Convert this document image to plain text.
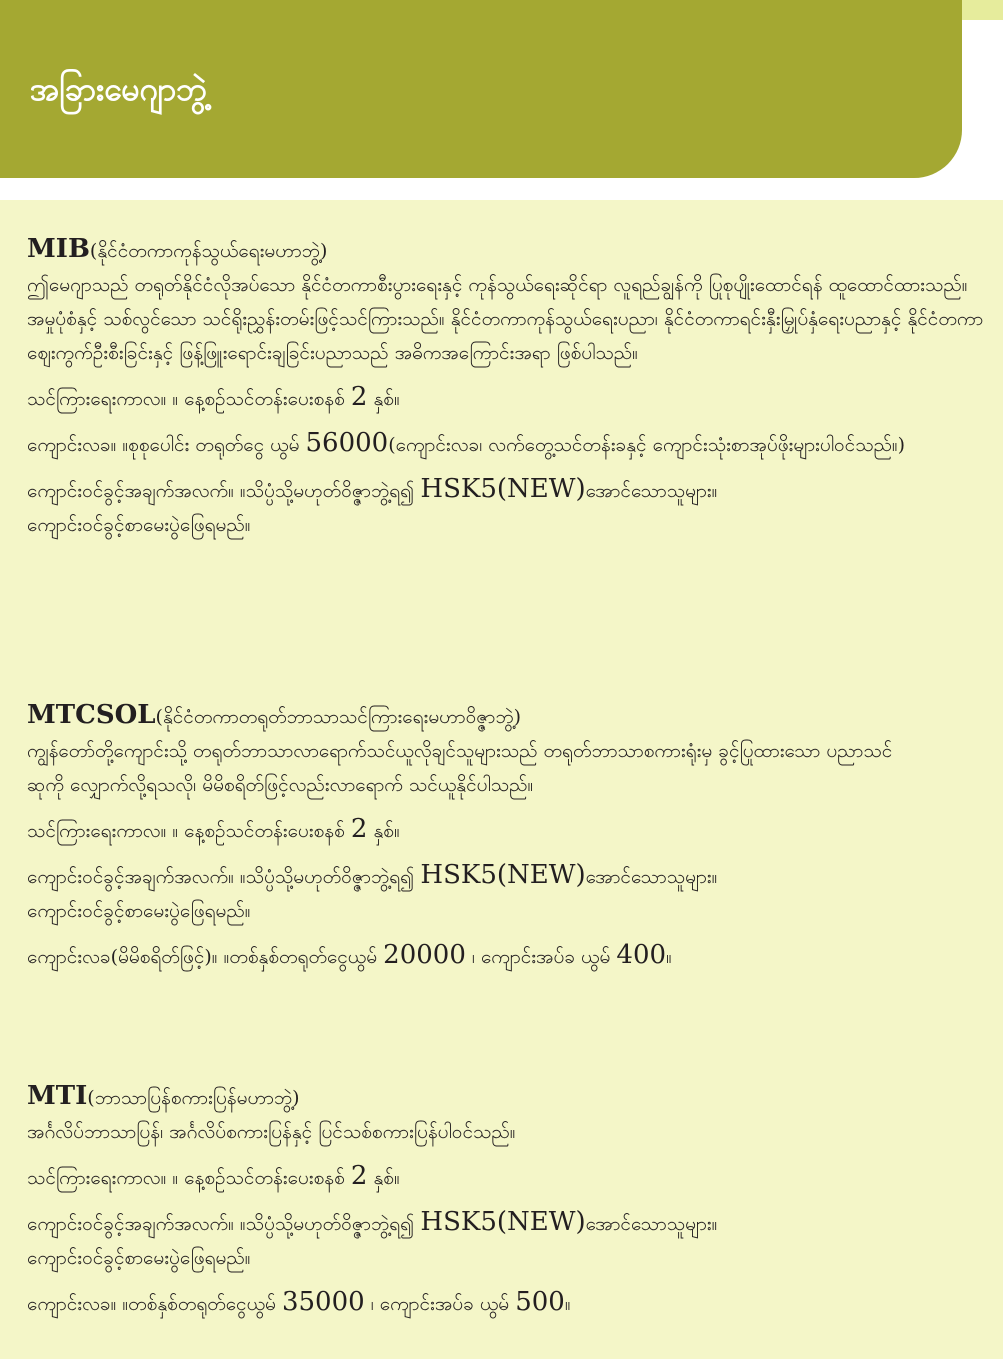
အခြားမေဂျာဘွဲ့
MIB(နိုင်ငံတကာကုန်သွယ်ရေးမဟာဘွဲ့)

ဤမေဂျာသည် တရုတ်နိုင်ငံလိုအပ်သော နိုင်ငံတကာစီးပွားရေးနှင့် ကုန်သွယ်ရေးဆိုင်ရာ လူရည်ချွန်ကို ပြုစုပျိုးထောင်ရန် ထူထောင်ထားသည်။ အမှုပုံစံနှင့် သစ်လွင်သော သင်ရိုးညွှန်းတမ်းဖြင့်သင်ကြားသည်။ နိုင်ငံတကာကုန်သွယ်ရေးပညာ၊ နိုင်ငံတကာရင်းနှီးမြှုပ်နှံရေးပညာနှင့် နိုင်ငံတကာဈေးကွက်ဦးစီးခြင်းနှင့် ဖြန့်ဖြူးရောင်းချခြင်းပညာသည် အဓိကအကြောင်းအရာ ဖြစ်ပါသည်။

သင်ကြားရေးကာလ။ ။ နေ့စဉ်သင်တန်းပေးစနစ် 2 နှစ်။

ကျောင်းလခ။ ။စုစုပေါင်း တရုတ်ငွေ ယွမ် 56000(ကျောင်းလခ၊ လက်တွေ့သင်တန်းခနှင့် ကျောင်းသုံးစာအုပ်ဖိုးများပါဝင်သည်။)

ကျောင်းဝင်ခွင့်အချက်အလက်။ ။သိပ္ပံသို့မဟုတ်ဝိဇ္ဇာဘွဲ့ရ၍ HSK5(NEW)အောင်သောသူများ။

ကျောင်းဝင်ခွင့်စာမေးပွဲဖြေရမည်။

MTCSOL(နိုင်ငံတကာတရုတ်ဘာသာသင်ကြားရေးမဟာဝိဇ္ဇာဘွဲ့)

ကျွန်တော်တို့ကျောင်းသို့ တရုတ်ဘာသာလာရောက်သင်ယူလိုချင်သူများသည် တရုတ်ဘာသာစကားရုံးမှ ခွင့်ပြုထားသော ပညာသင်ဆုကို လျှောက်လို့ရသလို၊ မိမိစရိတ်ဖြင့်လည်းလာရောက် သင်ယူနိုင်ပါသည်။

သင်ကြားရေးကာလ။ ။ နေ့စဉ်သင်တန်းပေးစနစ် 2 နှစ်။

ကျောင်းဝင်ခွင့်အချက်အလက်။ ။သိပ္ပံသို့မဟုတ်ဝိဇ္ဇာဘွဲ့ရ၍ HSK5(NEW)အောင်သောသူများ။

ကျောင်းဝင်ခွင့်စာမေးပွဲဖြေရမည်။

ကျောင်းလခ(မိမိစရိတ်ဖြင့်)။ ။တစ်နှစ်တရုတ်ငွေယွမ် 20000 ၊ ကျောင်းအပ်ခ ယွမ် 400။

MTI(ဘာသာပြန်စကားပြန်မဟာဘွဲ့)

အင်္ဂလိပ်ဘာသာပြန်၊ အင်္ဂလိပ်စကားပြန်နှင့် ပြင်သစ်စကားပြန်ပါဝင်သည်။

သင်ကြားရေးကာလ။ ။ နေ့စဉ်သင်တန်းပေးစနစ် 2 နှစ်။

ကျောင်းဝင်ခွင့်အချက်အလက်။ ။သိပ္ပံသို့မဟုတ်ဝိဇ္ဇာဘွဲ့ရ၍ HSK5(NEW)အောင်သောသူများ။

ကျောင်းဝင်ခွင့်စာမေးပွဲဖြေရမည်။

ကျောင်းလခ။ ။တစ်နှစ်တရုတ်ငွေယွမ် 35000 ၊ ကျောင်းအပ်ခ ယွမ် 500။
